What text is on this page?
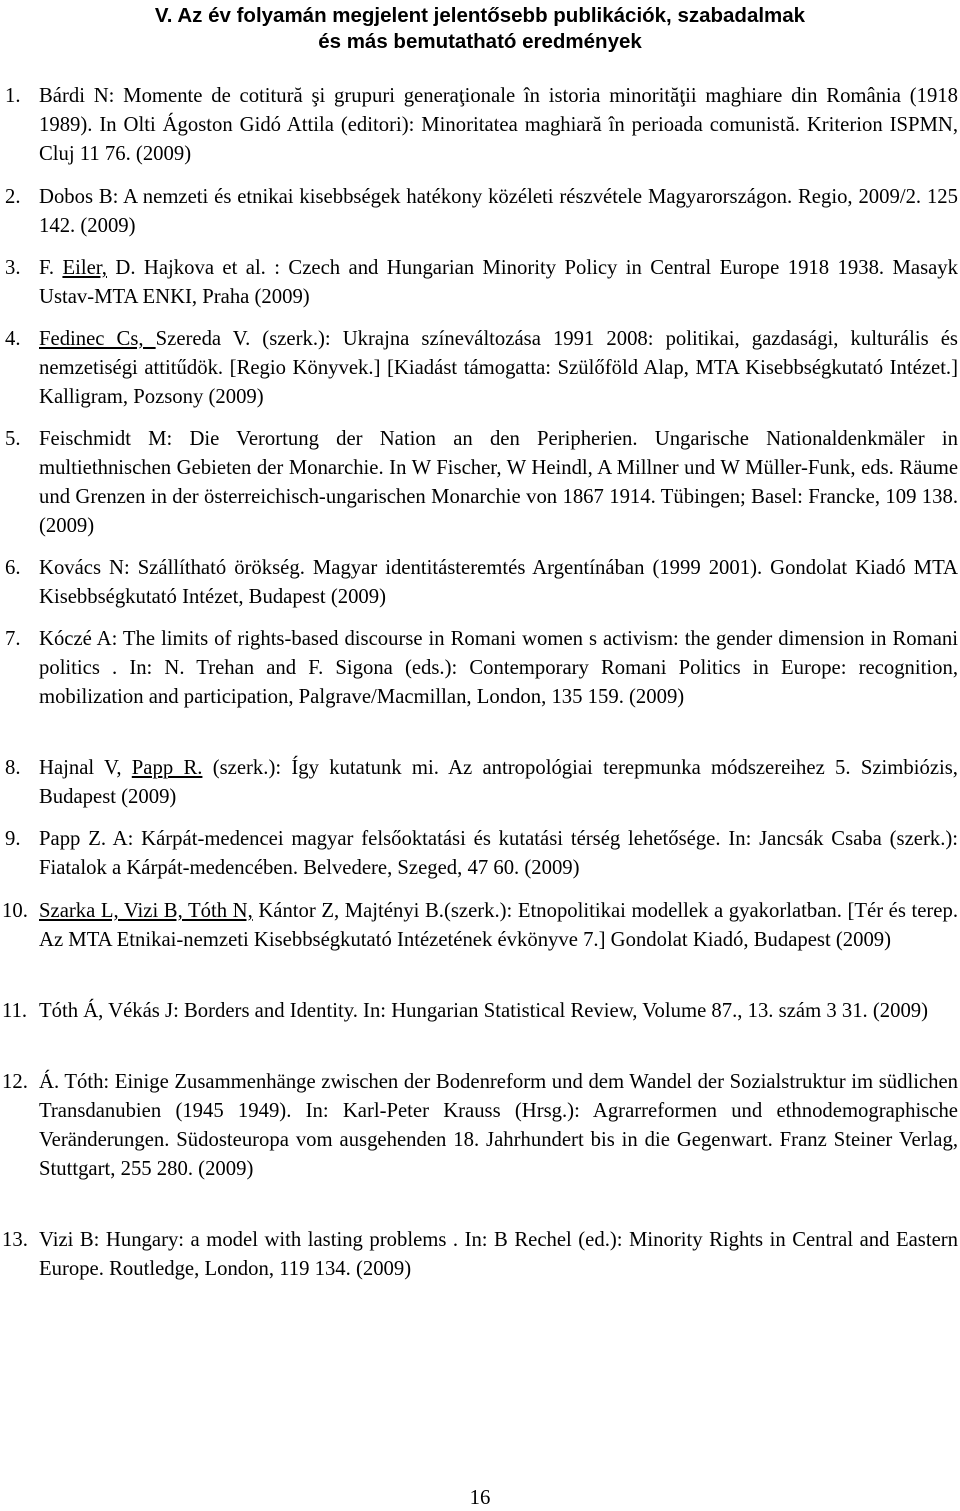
V. Az év folyamán megjelent jelentősebb publikációk, szabadalmak
és más bemutatható eredmények
1. Bárdi N: Momente de cotitură şi grupuri generaţionale în istoria minorităţii maghiare din România (1918 1989). In Olti Ágoston Gidó Attila (editori): Minoritatea maghiară în perioada comunistă. Kriterion ISPMN, Cluj 11 76. (2009)
2. Dobos B: A nemzeti és etnikai kisebbségek hatékony közéleti részvétele Magyarországon. Regio, 2009/2. 125 142. (2009)
3. F. Eiler, D. Hajkova et al. : Czech and Hungarian Minority Policy in Central Europe 1918 1938. Masayk Ustav-MTA ENKI, Praha (2009)
4. Fedinec Cs, Szereda V. (szerk.): Ukrajna színeváltozása 1991 2008: politikai, gazdasági, kulturális és nemzetiségi attitűdök. [Regio Könyvek.] [Kiadást támogatta: Szülőföld Alap, MTA Kisebbségkutató Intézet.] Kalligram, Pozsony (2009)
5. Feischmidt M: Die Verortung der Nation an den Peripherien. Ungarische Nationaldenkmäler in multiethnischen Gebieten der Monarchie. In W Fischer, W Heindl, A Millner und W Müller-Funk, eds. Räume und Grenzen in der österreichisch-ungarischen Monarchie von 1867 1914. Tübingen; Basel: Francke, 109 138. (2009)
6. Kovács N: Szállítható örökség. Magyar identitásteremtés Argentínában (1999 2001). Gondolat Kiadó MTA Kisebbségkutató Intézet, Budapest (2009)
7. Kóczé A: The limits of rights-based discourse in Romani women s activism: the gender dimension in Romani politics . In: N. Trehan and F. Sigona (eds.): Contemporary Romani Politics in Europe: recognition, mobilization and participation, Palgrave/Macmillan, London, 135 159. (2009)
8. Hajnal V, Papp R. (szerk.): Így kutatunk mi. Az antropológiai terepmunka módszereihez 5. Szimbiózis, Budapest (2009)
9. Papp Z. A: Kárpát-medencei magyar felsőoktatási és kutatási térség lehetősége. In: Jancsák Csaba (szerk.): Fiatalok a Kárpát-medencében. Belvedere, Szeged, 47 60. (2009)
10. Szarka L, Vizi B, Tóth N, Kántor Z, Majtényi B.(szerk.): Etnopolitikai modellek a gyakorlatban. [Tér és terep. Az MTA Etnikai-nemzeti Kisebbségkutató Intézetének évkönyve 7.] Gondolat Kiadó, Budapest (2009)
11. Tóth Á, Vékás J: Borders and Identity. In: Hungarian Statistical Review, Volume 87., 13. szám 3 31. (2009)
12. Á. Tóth: Einige Zusammenhänge zwischen der Bodenreform und dem Wandel der Sozialstruktur im südlichen Transdanubien (1945 1949). In: Karl-Peter Krauss (Hrsg.): Agrarreformen und ethnodemographische Veränderungen. Südosteuropa vom ausgehenden 18. Jahrhundert bis in die Gegenwart. Franz Steiner Verlag, Stuttgart, 255 280. (2009)
13. Vizi B: Hungary: a model with lasting problems . In: B Rechel (ed.): Minority Rights in Central and Eastern Europe. Routledge, London, 119 134. (2009)
16
